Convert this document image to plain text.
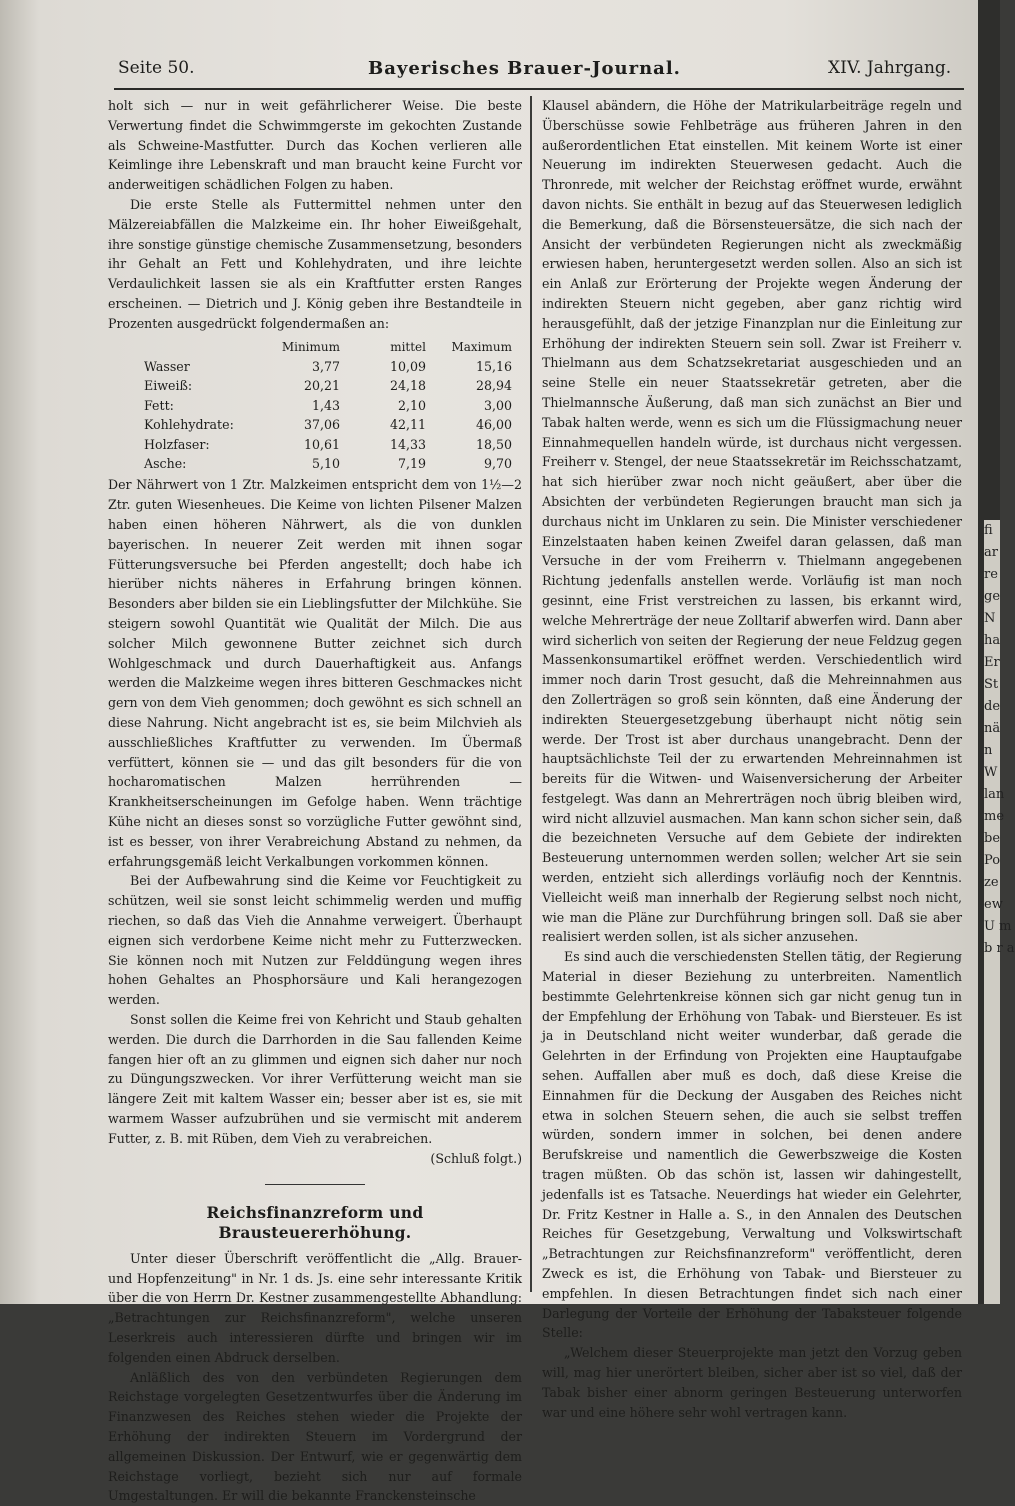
Seite 50.	Bayerisches Brauer-Journal.	XIV. Jahrgang.

holt sich — nur in weit gefährlicherer Weise. Die beste Verwertung findet die Schwimmgerste im gekochten Zustande als Schweine-Mastfutter. Durch das Kochen verlieren alle Keimlinge ihre Lebenskraft und man braucht keine Furcht vor anderweitigen schädlichen Folgen zu haben.

Die erste Stelle als Futtermittel nehmen unter den Mälzereiabfällen die Malzkeime ein. Ihr hoher Eiweißgehalt, ihre sonstige günstige chemische Zusammensetzung, besonders ihr Gehalt an Fett und Kohlehydraten, und ihre leichte Verdaulichkeit lassen sie als ein Kraftfutter ersten Ranges erscheinen. — Dietrich und J. König geben ihre Bestandteile in Prozenten ausgedrückt folgendermaßen an:

	Minimum	mittel	Maximum
Wasser	3,77	10,09	15,16
Eiweiß:	20,21	24,18	28,94
Fett:	1,43	2,10	3,00
Kohlehydrate:	37,06	42,11	46,00
Holzfaser:	10,61	14,33	18,50
Asche:	5,10	7,19	9,70

Der Nährwert von 1 Ztr. Malzkeimen entspricht dem von 1½—2 Ztr. guten Wiesenheues. Die Keime von lichten Pilsener Malzen haben einen höheren Nährwert, als die von dunklen bayerischen. In neuerer Zeit werden mit ihnen sogar Fütterungsversuche bei Pferden angestellt; doch habe ich hierüber nichts näheres in Erfahrung bringen können. Besonders aber bilden sie ein Lieblingsfutter der Milchkühe. Sie steigern sowohl Quantität wie Qualität der Milch. Die aus solcher Milch gewonnene Butter zeichnet sich durch Wohlgeschmack und durch Dauerhaftigkeit aus. Anfangs werden die Malzkeime wegen ihres bitteren Geschmackes nicht gern von dem Vieh genommen; doch gewöhnt es sich schnell an diese Nahrung. Nicht angebracht ist es, sie beim Milchvieh als ausschließliches Kraftfutter zu verwenden. Im Übermaß verfüttert, können sie — und das gilt besonders für die von hocharomatischen Malzen herrührenden — Krankheitserscheinungen im Gefolge haben. Wenn trächtige Kühe nicht an dieses sonst so vorzügliche Futter gewöhnt sind, ist es besser, von ihrer Verabreichung Abstand zu nehmen, da erfahrungsgemäß leicht Verkalbungen vorkommen können.

Bei der Aufbewahrung sind die Keime vor Feuchtigkeit zu schützen, weil sie sonst leicht schimmelig werden und muffig riechen, so daß das Vieh die Annahme verweigert. Überhaupt eignen sich verdorbene Keime nicht mehr zu Futterzwecken. Sie können noch mit Nutzen zur Felddüngung wegen ihres hohen Gehaltes an Phosphorsäure und Kali herangezogen werden.

Sonst sollen die Keime frei von Kehricht und Staub gehalten werden. Die durch die Darrhorden in die Sau fallenden Keime fangen hier oft an zu glimmen und eignen sich daher nur noch zu Düngungszwecken. Vor ihrer Verfütterung weicht man sie längere Zeit mit kaltem Wasser ein; besser aber ist es, sie mit warmem Wasser aufzubrühen und sie vermischt mit anderem Futter, z. B. mit Rüben, dem Vieh zu verabreichen.

(Schluß folgt.)

Reichsfinanzreform und Brausteuererhöhung.

Unter dieser Überschrift veröffentlicht die „Allg. Brauer- und Hopfenzeitung" in Nr. 1 ds. Js. eine sehr interessante Kritik über die von Herrn Dr. Kestner zusammengestellte Abhandlung: „Betrachtungen zur Reichsfinanzreform", welche unseren Leserkreis auch interessieren dürfte und bringen wir im folgenden einen Abdruck derselben.

Anläßlich des von den verbündeten Regierungen dem Reichstage vorgelegten Gesetzentwurfes über die Änderung im Finanzwesen des Reiches stehen wieder die Projekte der Erhöhung der indirekten Steuern im Vordergrund der allgemeinen Diskussion. Der Entwurf, wie er gegenwärtig dem Reichstage vorliegt, bezieht sich nur auf formale Umgestaltungen. Er will die bekannte Franckensteinsche

Klausel abändern, die Höhe der Matrikularbeiträge regeln und Überschüsse sowie Fehlbeträge aus früheren Jahren in den außerordentlichen Etat einstellen. Mit keinem Worte ist einer Neuerung im indirekten Steuerwesen gedacht. Auch die Thronrede, mit welcher der Reichstag eröffnet wurde, erwähnt davon nichts. Sie enthält in bezug auf das Steuerwesen lediglich die Bemerkung, daß die Börsensteuersätze, die sich nach der Ansicht der verbündeten Regierungen nicht als zweckmäßig erwiesen haben, heruntergesetzt werden sollen. Also an sich ist ein Anlaß zur Erörterung der Projekte wegen Änderung der indirekten Steuern nicht gegeben, aber ganz richtig wird herausgefühlt, daß der jetzige Finanzplan nur die Einleitung zur Erhöhung der indirekten Steuern sein soll. Zwar ist Freiherr v. Thielmann aus dem Schatzsekretariat ausgeschieden und an seine Stelle ein neuer Staatssekretär getreten, aber die Thielmannsche Äußerung, daß man sich zunächst an Bier und Tabak halten werde, wenn es sich um die Flüssigmachung neuer Einnahmequellen handeln würde, ist durchaus nicht vergessen. Freiherr v. Stengel, der neue Staatssekretär im Reichsschatzamt, hat sich hierüber zwar noch nicht geäußert, aber über die Absichten der verbündeten Regierungen braucht man sich ja durchaus nicht im Unklaren zu sein. Die Minister verschiedener Einzelstaaten haben keinen Zweifel daran gelassen, daß man Versuche in der vom Freiherrn v. Thielmann angegebenen Richtung jedenfalls anstellen werde. Vorläufig ist man noch gesinnt, eine Frist verstreichen zu lassen, bis erkannt wird, welche Mehrerträge der neue Zolltarif abwerfen wird. Dann aber wird sicherlich von seiten der Regierung der neue Feldzug gegen Massenkonsumartikel eröffnet werden. Verschiedentlich wird immer noch darin Trost gesucht, daß die Mehreinnahmen aus den Zollerträgen so groß sein könnten, daß eine Änderung der indirekten Steuergesetzgebung überhaupt nicht nötig sein werde. Der Trost ist aber durchaus unangebracht. Denn der hauptsächlichste Teil der zu erwartenden Mehreinnahmen ist bereits für die Witwen- und Waisenversicherung der Arbeiter festgelegt. Was dann an Mehrerträgen noch übrig bleiben wird, wird nicht allzuviel ausmachen. Man kann schon sicher sein, daß die bezeichneten Versuche auf dem Gebiete der indirekten Besteuerung unternommen werden sollen; welcher Art sie sein werden, entzieht sich allerdings vorläufig noch der Kenntnis. Vielleicht weiß man innerhalb der Regierung selbst noch nicht, wie man die Pläne zur Durchführung bringen soll. Daß sie aber realisiert werden sollen, ist als sicher anzusehen.

Es sind auch die verschiedensten Stellen tätig, der Regierung Material in dieser Beziehung zu unterbreiten. Namentlich bestimmte Gelehrtenkreise können sich gar nicht genug tun in der Empfehlung der Erhöhung von Tabak- und Biersteuer. Es ist ja in Deutschland nicht weiter wunderbar, daß gerade die Gelehrten in der Erfindung von Projekten eine Hauptaufgabe sehen. Auffallen aber muß es doch, daß diese Kreise die Einnahmen für die Deckung der Ausgaben des Reiches nicht etwa in solchen Steuern sehen, die auch sie selbst treffen würden, sondern immer in solchen, bei denen andere Berufskreise und namentlich die Gewerbszweige die Kosten tragen müßten. Ob das schön ist, lassen wir dahingestellt, jedenfalls ist es Tatsache. Neuerdings hat wieder ein Gelehrter, Dr. Fritz Kestner in Halle a. S., in den Annalen des Deutschen Reiches für Gesetzgebung, Verwaltung und Volkswirtschaft „Betrachtungen zur Reichsfinanzreform" veröffentlicht, deren Zweck es ist, die Erhöhung von Tabak- und Biersteuer zu empfehlen. In diesen Betrachtungen findet sich nach einer Darlegung der Vorteile der Erhöhung der Tabaksteuer folgende Stelle:

„Welchem dieser Steuerprojekte man jetzt den Vorzug geben will, mag hier unerörtert bleiben, sicher aber ist so viel, daß der Tabak bisher einer abnorm geringen Besteuerung unterworfen war und eine höhere sehr wohl vertragen kann.

fi
ar
re
ge
N
ha
Er
St
de
nä
n
W
lan
me
be
Po
ze
ew
U m
b r a
